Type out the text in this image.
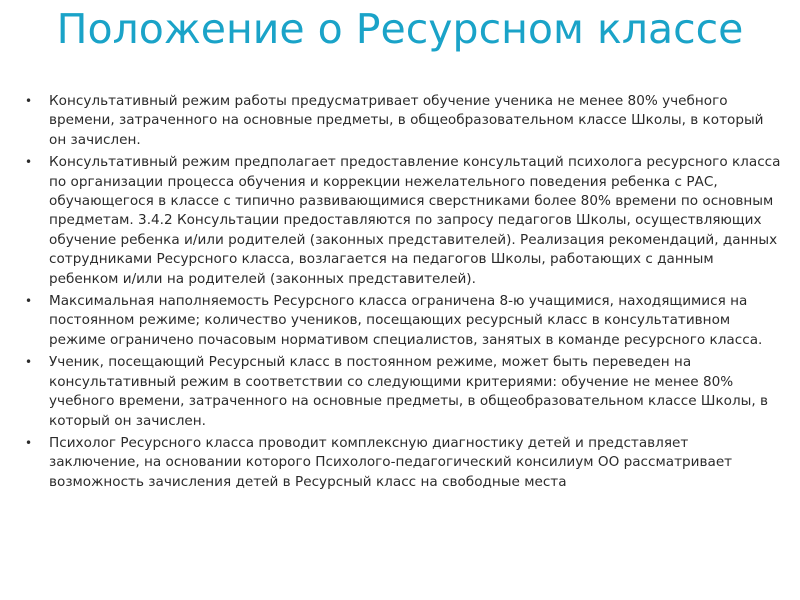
Положение о Ресурсном классе
• Консультативный режим работы предусматривает обучение ученика не менее 80% учебного времени, затраченного на основные предметы, в общеобразовательном классе Школы, в который он зачислен.
• Консультативный режим предполагает предоставление консультаций психолога ресурсного класса по организации процесса обучения и коррекции нежелательного поведения ребенка с РАС, обучающегося в классе с типично развивающимися сверстниками более 80% времени по основным предметам. 3.4.2 Консультации предоставляются по запросу педагогов Школы, осуществляющих обучение ребенка и/или родителей (законных представителей). Реализация рекомендаций, данных сотрудниками Ресурсного класса, возлагается на педагогов Школы, работающих с данным ребенком и/или на родителей (законных представителей).
• Максимальная наполняемость Ресурсного класса ограничена 8-ю учащимися, находящимися на постоянном режиме; количество учеников, посещающих ресурсный класс в консультативном режиме ограничено почасовым нормативом специалистов, занятых в команде ресурсного класса.
• Ученик, посещающий Ресурсный класс в постоянном режиме, может быть переведен на консультативный режим в соответствии со следующими критериями: обучение не менее 80% учебного времени, затраченного на основные предметы, в общеобразовательном классе Школы, в который он зачислен.
• Психолог Ресурсного класса проводит комплексную диагностику детей и представляет заключение, на основании которого Психолого-педагогический консилиум ОО рассматривает возможность зачисления детей в Ресурсный класс на свободные места
